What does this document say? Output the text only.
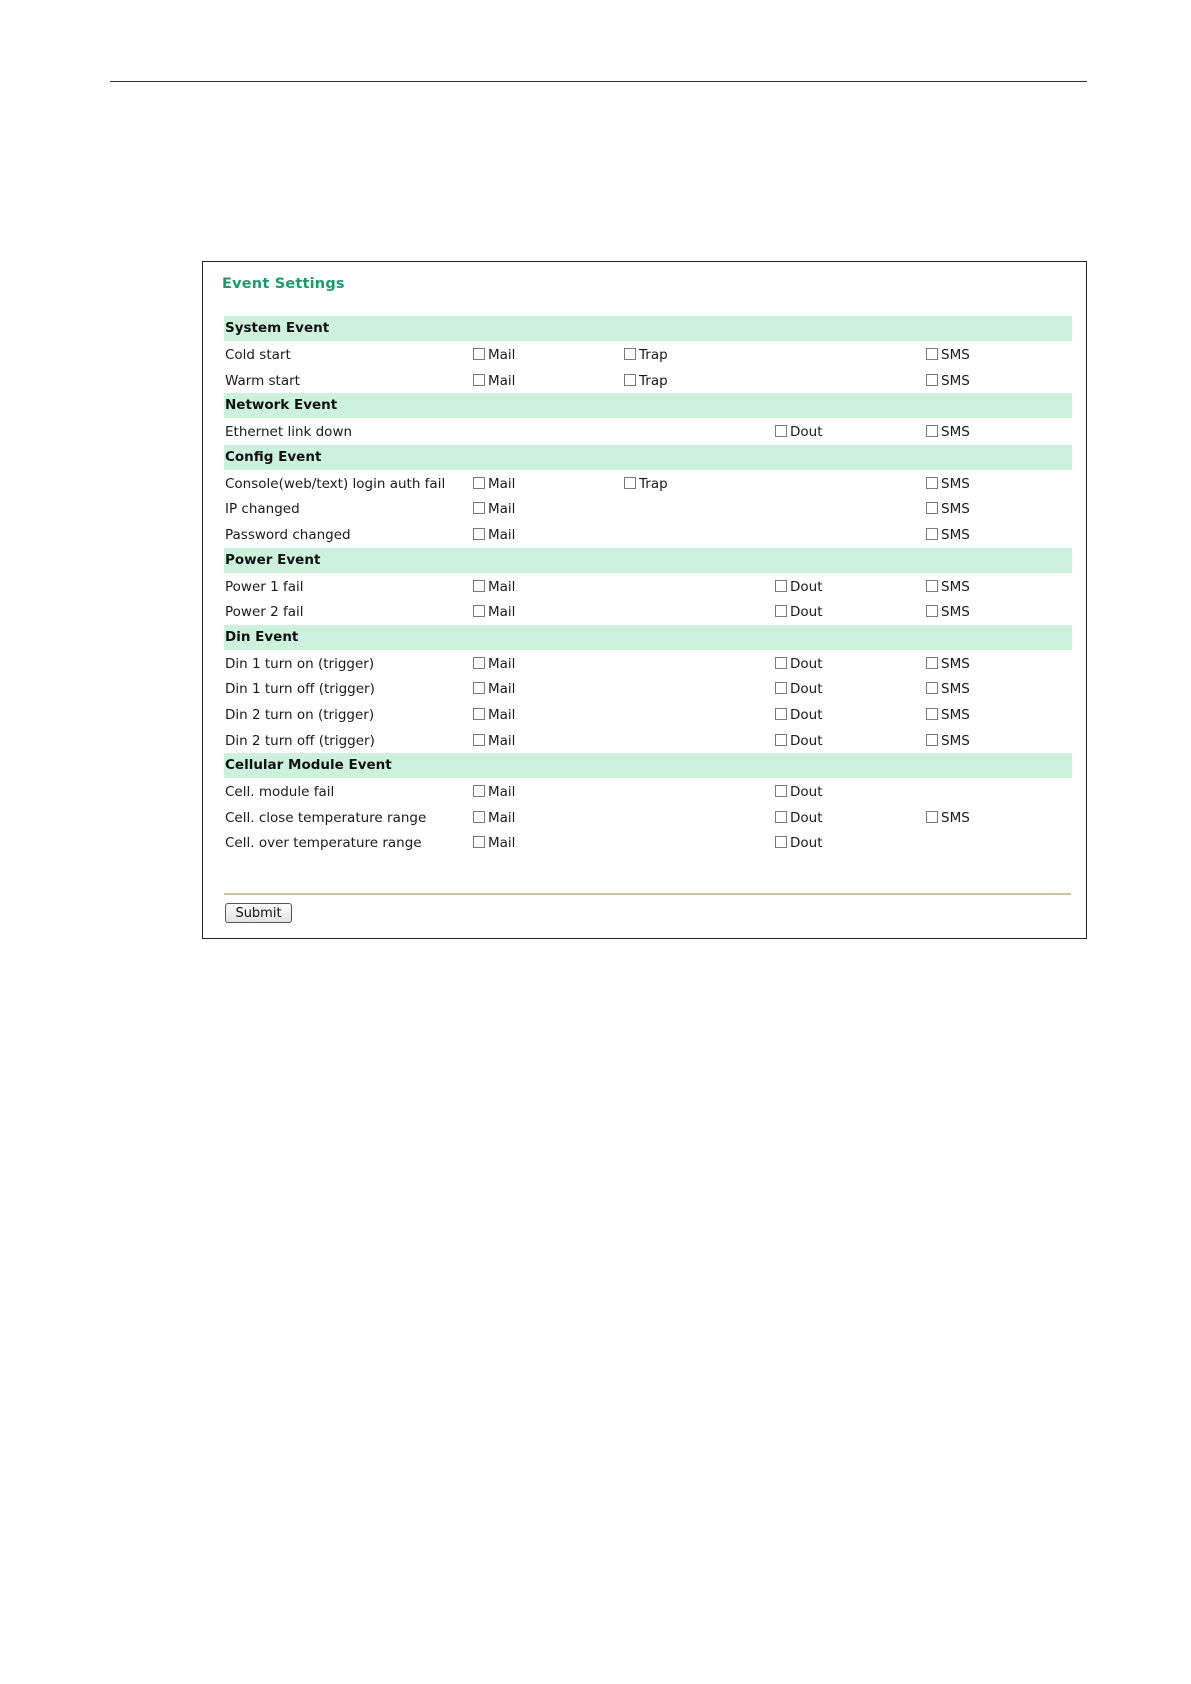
Event Settings
System Event
Cold start	Mail	Trap	SMS
Warm start	Mail	Trap	SMS
Network Event
Ethernet link down	Dout	SMS
Config Event
Console(web/text) login auth fail	Mail	Trap	SMS
IP changed	Mail	SMS
Password changed	Mail	SMS
Power Event
Power 1 fail	Mail	Dout	SMS
Power 2 fail	Mail	Dout	SMS
Din Event
Din 1 turn on (trigger)	Mail	Dout	SMS
Din 1 turn off (trigger)	Mail	Dout	SMS
Din 2 turn on (trigger)	Mail	Dout	SMS
Din 2 turn off (trigger)	Mail	Dout	SMS
Cellular Module Event
Cell. module fail	Mail	Dout
Cell. close temperature range	Mail	Dout	SMS
Cell. over temperature range	Mail	Dout
Submit
